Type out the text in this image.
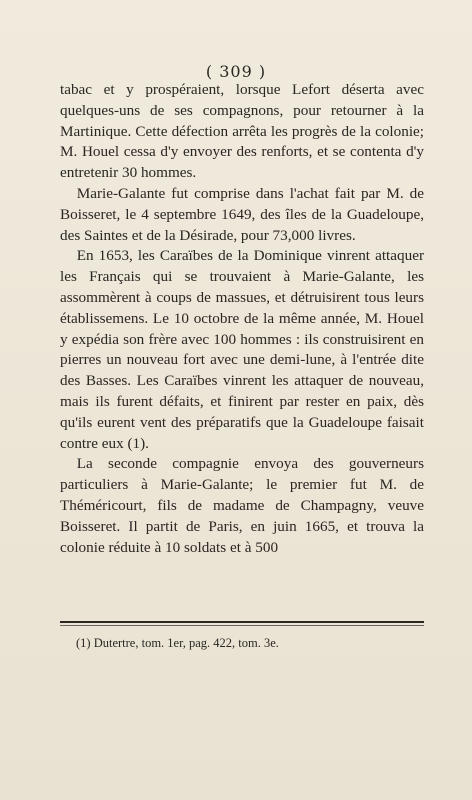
( 309 )

tabac et y prospéraient, lorsque Lefort déserta avec quelques-uns de ses compagnons, pour retourner à la Martinique. Cette défection arrêta les progrès de la colonie; M. Houel cessa d'y envoyer des renforts, et se contenta d'y entretenir 30 hommes.

Marie-Galante fut comprise dans l'achat fait par M. de Boisseret, le 4 septembre 1649, des îles de la Guadeloupe, des Saintes et de la Désirade, pour 73,000 livres.

En 1653, les Caraïbes de la Dominique vinrent attaquer les Français qui se trouvaient à Marie-Galante, les assommèrent à coups de massues, et détruisirent tous leurs établissemens. Le 10 octobre de la même année, M. Houel y expédia son frère avec 100 hommes : ils construisirent en pierres un nouveau fort avec une demi-lune, à l'entrée dite des Basses. Les Caraïbes vinrent les attaquer de nouveau, mais ils furent défaits, et finirent par rester en paix, dès qu'ils eurent vent des préparatifs que la Guadeloupe faisait contre eux (1).

La seconde compagnie envoya des gouverneurs particuliers à Marie-Galante; le premier fut M. de Théméricourt, fils de madame de Champagny, veuve Boisseret. Il partit de Paris, en juin 1665, et trouva la colonie réduite à 10 soldats et à 500

(1) Dutertre, tom. 1er, pag. 422, tom. 3e.
